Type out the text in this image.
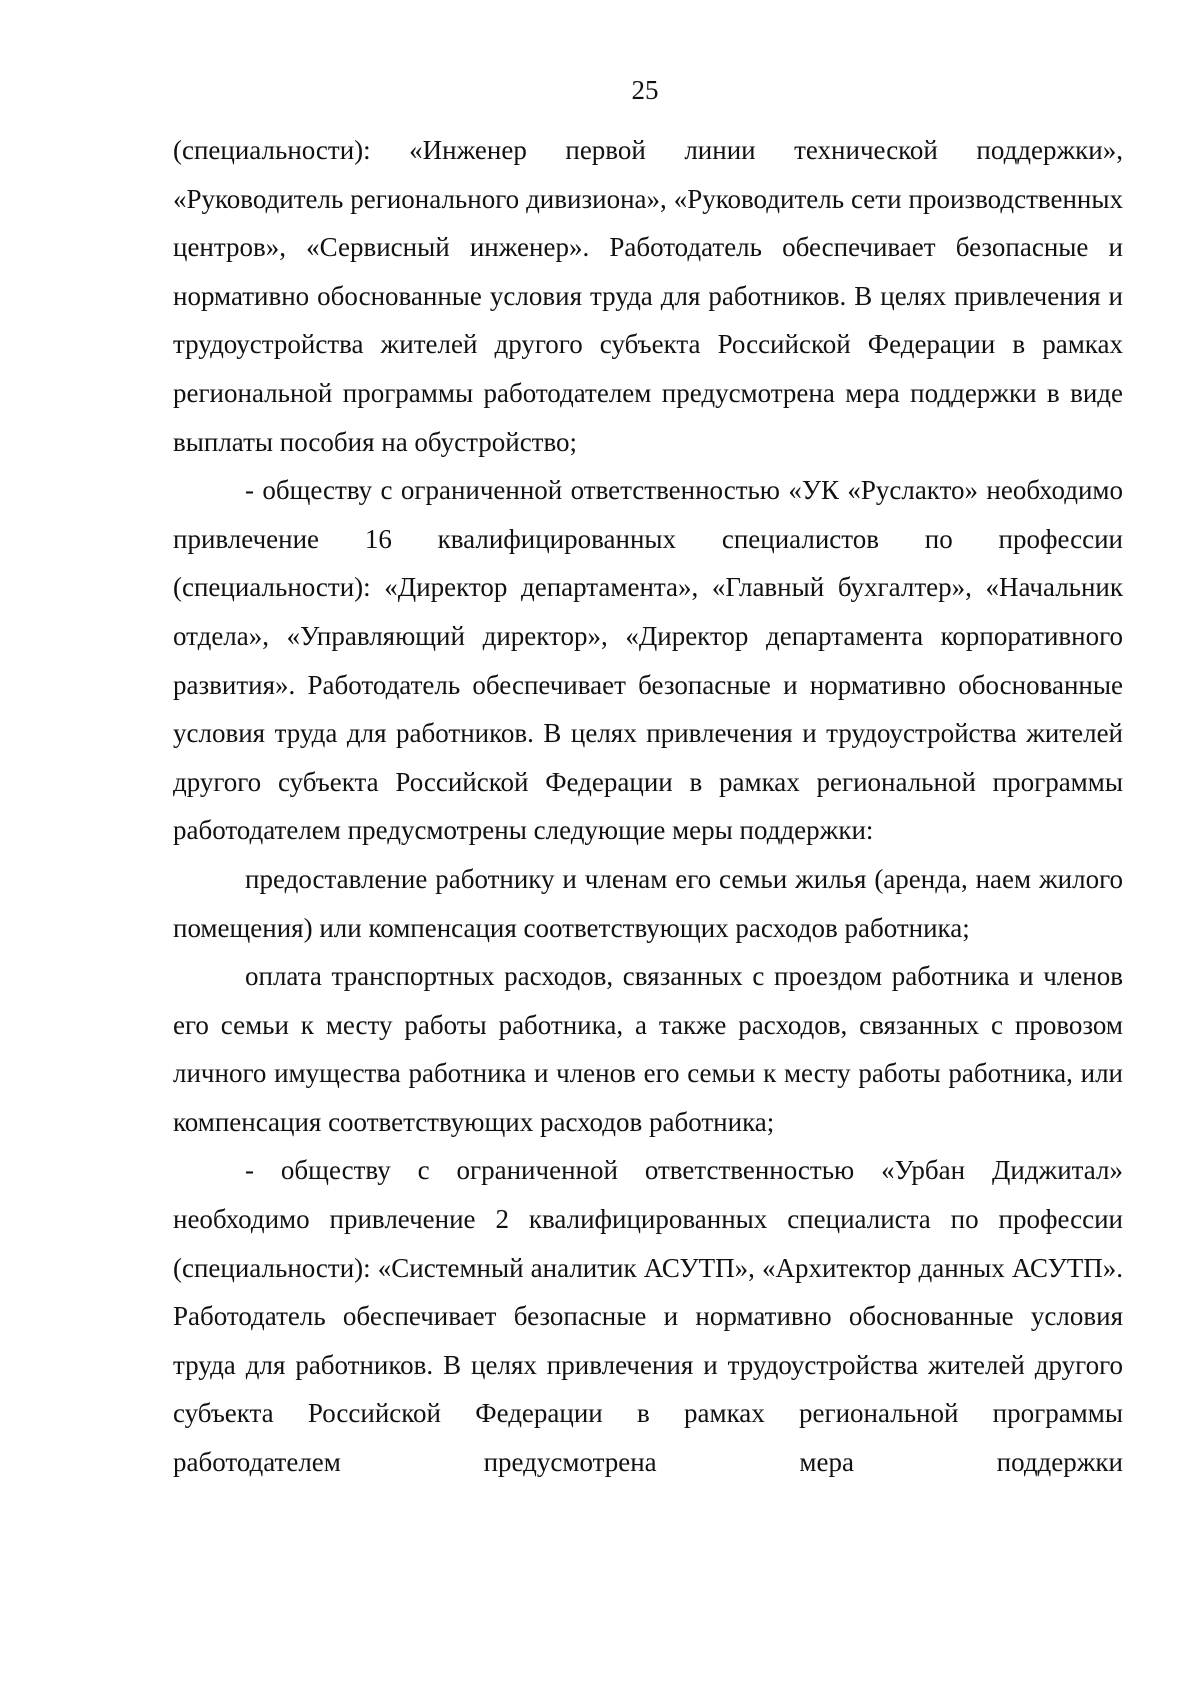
25

(специальности): «Инженер первой линии технической поддержки», «Руководитель регионального дивизиона», «Руководитель сети производственных центров», «Сервисный инженер». Работодатель обеспечивает безопасные и нормативно обоснованные условия труда для работников. В целях привлечения и трудоустройства жителей другого субъекта Российской Федерации в рамках региональной программы работодателем предусмотрена мера поддержки в виде выплаты пособия на обустройство;

- обществу с ограниченной ответственностью «УК «Руслакто» необходимо привлечение 16 квалифицированных специалистов по профессии (специальности): «Директор департамента», «Главный бухгалтер», «Начальник отдела», «Управляющий директор», «Директор департамента корпоративного развития». Работодатель обеспечивает безопасные и нормативно обоснованные условия труда для работников. В целях привлечения и трудоустройства жителей другого субъекта Российской Федерации в рамках региональной программы работодателем предусмотрены следующие меры поддержки:

предоставление работнику и членам его семьи жилья (аренда, наем жилого помещения) или компенсация соответствующих расходов работника;

оплата транспортных расходов, связанных с проездом работника и членов его семьи к месту работы работника, а также расходов, связанных с провозом личного имущества работника и членов его семьи к месту работы работника, или компенсация соответствующих расходов работника;

- обществу с ограниченной ответственностью «Урбан Диджитал» необходимо привлечение 2 квалифицированных специалиста по профессии (специальности): «Системный аналитик АСУТП», «Архитектор данных АСУТП». Работодатель обеспечивает безопасные и нормативно обоснованные условия труда для работников. В целях привлечения и трудоустройства жителей другого субъекта Российской Федерации в рамках региональной программы работодателем предусмотрена мера поддержки
